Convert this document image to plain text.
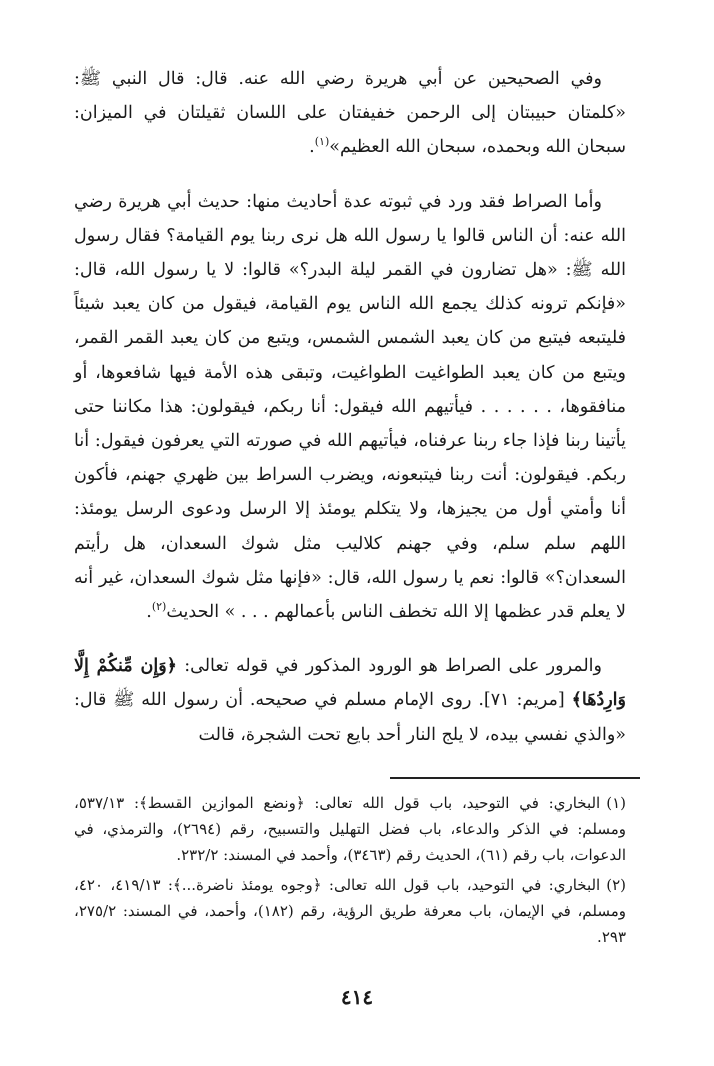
وفي الصحيحين عن أبي هريرة رضي الله عنه. قال: قال النبي ﷺ: «كلمتان حبيبتان إلى الرحمن خفيفتان على اللسان ثقيلتان في الميزان: سبحان الله وبحمده، سبحان الله العظيم»$^{(١)}$.

وأما الصراط فقد ورد في ثبوته عدة أحاديث منها: حديث أبي هريرة رضي الله عنه: أن الناس قالوا يا رسول الله هل نرى ربنا يوم القيامة؟ فقال رسول الله ﷺ: «هل تضارون في القمر ليلة البدر؟» قالوا: لا يا رسول الله، قال: «فإنكم ترونه كذلك يجمع الله الناس يوم القيامة، فيقول من كان يعبد شيئاً فليتبعه فيتبع من كان يعبد الشمس الشمس، ويتبع من كان يعبد القمر القمر، ويتبع من كان يعبد الطواغيت الطواغيت، وتبقى هذه الأمة فيها شافعوها، أو منافقوها، . . . . . . فيأتيهم الله فيقول: أنا ربكم، فيقولون: هذا مكاننا حتى يأتينا ربنا فإذا جاء ربنا عرفناه، فيأتيهم الله في صورته التي يعرفون فيقول: أنا ربكم. فيقولون: أنت ربنا فيتبعونه، ويضرب السراط بين ظهري جهنم، فأكون أنا وأمتي أول من يجيزها، ولا يتكلم يومئذ إلا الرسل ودعوى الرسل يومئذ: اللهم سلم سلم، وفي جهنم كلاليب مثل شوك السعدان، هل رأيتم السعدان؟» قالوا: نعم يا رسول الله، قال: «فإنها مثل شوك السعدان، غير أنه لا يعلم قدر عظمها إلا الله تخطف الناس بأعمالهم . . . » الحديث$^{(٢)}$.

والمرور على الصراط هو الورود المذكور في قوله تعالى: ﴿وَإِن مِّنكُمْ إِلَّا وَارِدُهَا﴾ [مريم: ٧١]. روى الإمام مسلم في صحيحه. أن رسول الله ﷺ قال: «والذي نفسي بيده، لا يلج النار أحد بايع تحت الشجرة، قالت

(١)البخاري: في التوحيد، باب قول الله تعالى: ﴿ونضع الموازين القسط﴾: ٥٣٧/١٣، ومسلم: في الذكر والدعاء، باب فضل التهليل والتسبيح، رقم (٢٦٩٤)، والترمذي، في الدعوات، باب رقم (٦١)، الحديث رقم (٣٤٦٣)، وأحمد في المسند: ٢٣٢/٢.

(٢)البخاري: في التوحيد، باب قول الله تعالى: ﴿وجوه يومئذ ناضرة...﴾: ٤١٩/١٣، ٤٢٠، ومسلم، في الإيمان، باب معرفة طريق الرؤية، رقم (١٨٢)، وأحمد، في المسند: ٢٧٥/٢، ٢٩٣.

٤١٤
